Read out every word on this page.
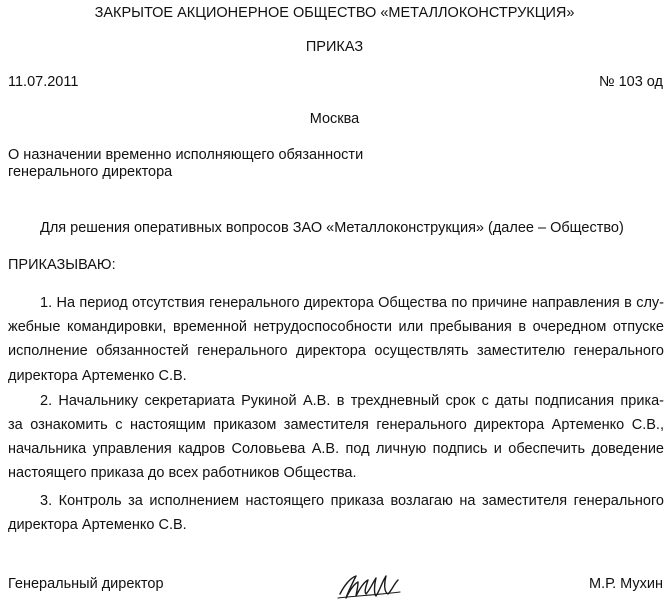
ЗАКРЫТОЕ АКЦИОНЕРНОЕ ОБЩЕСТВО «МЕТАЛЛОКОНСТРУКЦИЯ»
ПРИКАЗ
11.07.2011	№ 103 од
Москва
О назначении временно исполняющего обязанности
генерального директора
Для решения оперативных вопросов ЗАО «Металлоконструкция» (далее – Общество)
ПРИКАЗЫВАЮ:
1. На период отсутствия генерального директора Общества по причине направления в слу-
жебные командировки, временной нетрудоспособности или пребывания в очередном отпуске
исполнение обязанностей генерального директора осуществлять заместителю генерального
директора Артеменко С.В.
2. Начальнику секретариата Рукиной А.В. в трехдневный срок с даты подписания прика-
за ознакомить с настоящим приказом заместителя генерального директора Артеменко С.В.,
начальника управления кадров Соловьева А.В. под личную подпись и обеспечить доведение
настоящего приказа до всех работников Общества.
3. Контроль за исполнением настоящего приказа возлагаю на заместителя генерального
директора Артеменко С.В.
Генеральный директор	М.Р. Мухин
